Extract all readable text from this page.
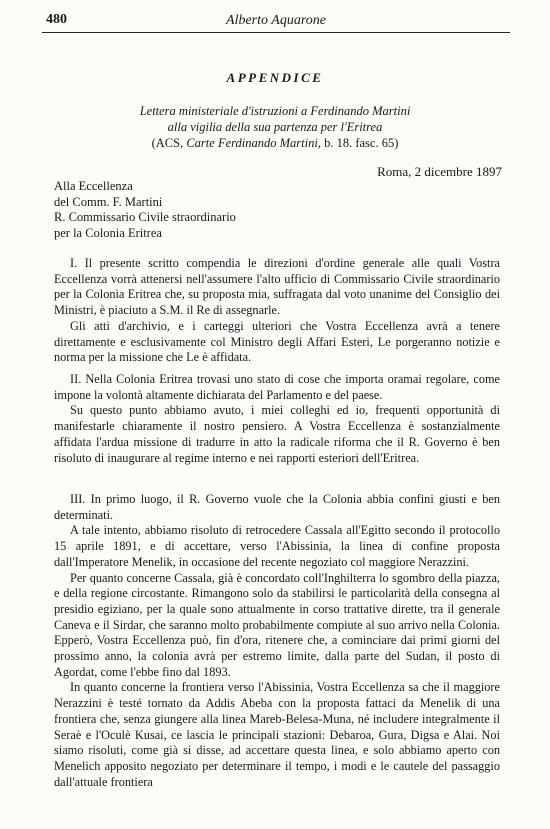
480	Alberto Aquarone
APPENDICE
Lettera ministeriale d'istruzioni a Ferdinando Martini
alla vigilia della sua partenza per l'Eritrea
(ACS, Carte Ferdinando Martini, b. 18. fasc. 65)
Roma, 2 dicembre 1897
Alla Eccellenza
del Comm. F. Martini
R. Commissario Civile straordinario
per la Colonia Eritrea

I. Il presente scritto compendia le direzioni d'ordine generale alle quali Vostra Eccellenza vorrà attenersi nell'assumere l'alto ufficio di Commissario Civile straordinario per la Colonia Eritrea che, su proposta mia, suffragata dal voto unanime del Consiglio dei Ministri, è piaciuto a S.M. il Re di assegnarle.

Gli atti d'archivio, e i carteggi ulteriori che Vostra Eccellenza avrà a tenere direttamente e esclusivamente col Ministro degli Affari Esteri, Le porgeranno notizie e norma per la missione che Le è affidata.

II. Nella Colonia Eritrea trovasi uno stato di cose che importa oramai regolare, come impone la volontà altamente dichiarata del Parlamento e del paese.

Su questo punto abbiamo avuto, i miei colleghi ed io, frequenti opportunità di manifestarle chiaramente il nostro pensiero. A Vostra Eccellenza è sostanzialmente affidata l'ardua missione di tradurre in atto la radicale riforma che il R. Governo è ben risoluto di inaugurare al regime interno e nei rapporti esteriori dell'Eritrea.

III. In primo luogo, il R. Governo vuole che la Colonia abbia confini giusti e ben determinati.

A tale intento, abbiamo risoluto di retrocedere Cassala all'Egitto secondo il protocollo 15 aprile 1891, e di accettare, verso l'Abissinia, la linea di confine proposta dall'Imperatore Menelik, in occasione del recente negoziato col maggiore Nerazzini.

Per quanto concerne Cassala, già è concordato coll'Inghilterra lo sgombro della piazza, e della regione circostante. Rimangono solo da stabilirsi le particolarità della consegna al presidio egiziano, per la quale sono attualmente in corso trattative dirette, tra il generale Caneva e il Sirdar, che saranno molto probabilmente compiute al suo arrivo nella Colonia. Epperò, Vostra Eccellenza può, fin d'ora, ritenere che, a cominciare dai primi giorni del prossimo anno, la colonia avrà per estremo limite, dalla parte del Sudan, il posto di Agordat, come l'ebbe fino dal 1893.

In quanto concerne la frontiera verso l'Abissinia, Vostra Eccellenza sa che il maggiore Nerazzini è testé tornato da Addis Abeba con la proposta fattaci da Menelik di una frontiera che, senza giungere alla linea Mareb-Belesa-Muna, né includere integralmente il Seraè e l'Oculè Kusai, ce lascia le principali stazioni: Debaroa, Gura, Digsa e Alai. Noi siamo risoluti, come già si disse, ad accettare questa linea, e solo abbiamo aperto con Menelich apposito negoziato per determinare il tempo, i modi e le cautele del passaggio dall'attuale frontiera
